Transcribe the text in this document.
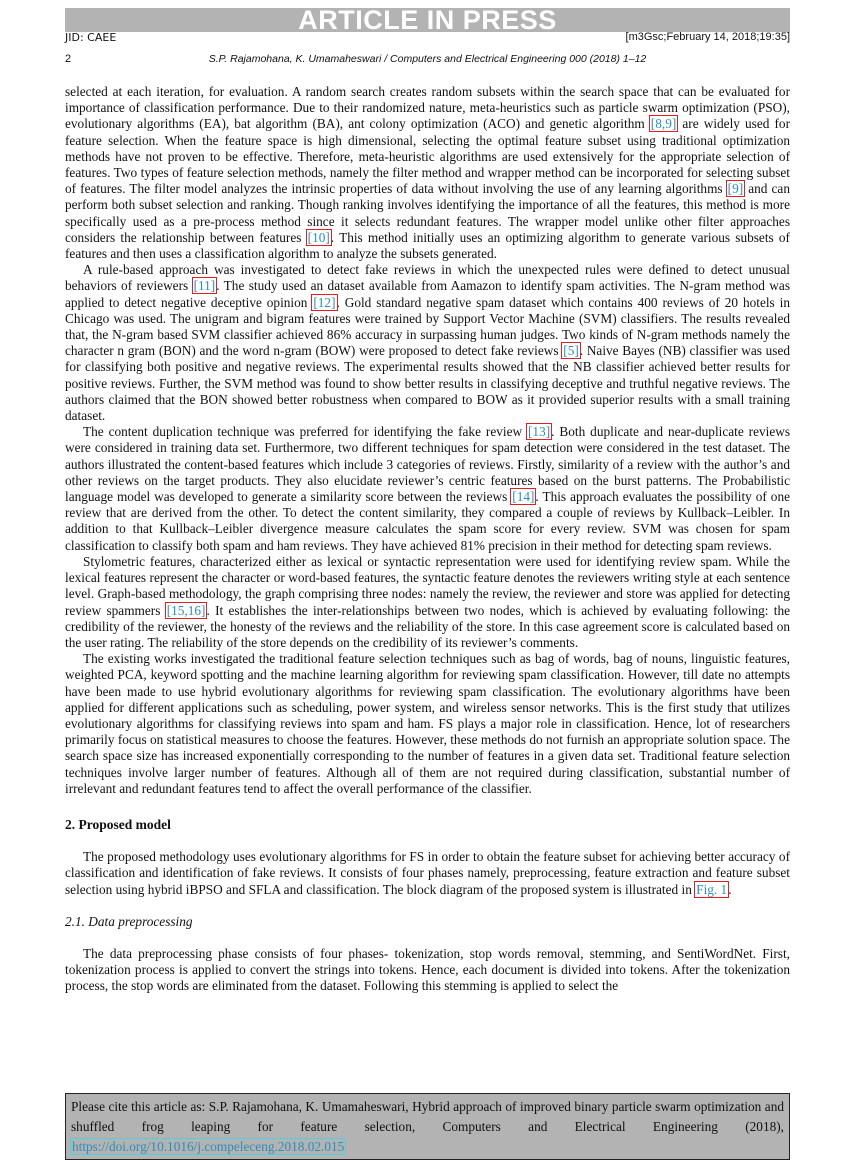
ARTICLE IN PRESS
JID: CAEE	[m3Gsc;February 14, 2018;19:35]
2	S.P. Rajamohana, K. Umamaheswari / Computers and Electrical Engineering 000 (2018) 1–12

selected at each iteration, for evaluation. A random search creates random subsets within the search space that can be evaluated for importance of classification performance. Due to their randomized nature, meta-heuristics such as particle swarm optimization (PSO), evolutionary algorithms (EA), bat algorithm (BA), ant colony optimization (ACO) and genetic algorithm [8,9] are widely used for feature selection. When the feature space is high dimensional, selecting the optimal feature subset using traditional optimization methods have not proven to be effective. Therefore, meta-heuristic algorithms are used extensively for the appropriate selection of features. Two types of feature selection methods, namely the filter method and wrapper method can be incorporated for selecting subset of features. The filter model analyzes the intrinsic properties of data without involving the use of any learning algorithms [9] and can perform both subset selection and ranking. Though ranking involves identifying the importance of all the features, this method is more specifically used as a pre-process method since it selects redundant features. The wrapper model unlike other filter approaches considers the relationship between features [10]. This method initially uses an optimizing algorithm to generate various subsets of features and then uses a classification algorithm to analyze the subsets generated.

A rule-based approach was investigated to detect fake reviews in which the unexpected rules were defined to detect unusual behaviors of reviewers [11]. The study used an dataset available from Aamazon to identify spam activities. The N-gram method was applied to detect negative deceptive opinion [12]. Gold standard negative spam dataset which contains 400 reviews of 20 hotels in Chicago was used. The unigram and bigram features were trained by Support Vector Machine (SVM) classifiers. The results revealed that, the N-gram based SVM classifier achieved 86% accuracy in surpassing human judges. Two kinds of N-gram methods namely the character n gram (BON) and the word n-gram (BOW) were proposed to detect fake reviews [5]. Naive Bayes (NB) classifier was used for classifying both positive and negative reviews. The experimental results showed that the NB classifier achieved better results for positive reviews. Further, the SVM method was found to show better results in classifying deceptive and truthful negative reviews. The authors claimed that the BON showed better robustness when compared to BOW as it provided superior results with a small training dataset.

The content duplication technique was preferred for identifying the fake review [13]. Both duplicate and near-duplicate reviews were considered in training data set. Furthermore, two different techniques for spam detection were considered in the test dataset. The authors illustrated the content-based features which include 3 categories of reviews. Firstly, similarity of a review with the author’s and other reviews on the target products. They also elucidate reviewer’s centric features based on the burst patterns. The Probabilistic language model was developed to generate a similarity score between the reviews [14]. This approach evaluates the possibility of one review that are derived from the other. To detect the content similarity, they compared a couple of reviews by Kullback–Leibler. In addition to that Kullback–Leibler divergence measure calculates the spam score for every review. SVM was chosen for spam classification to classify both spam and ham reviews. They have achieved 81% precision in their method for detecting spam reviews.

Stylometric features, characterized either as lexical or syntactic representation were used for identifying review spam. While the lexical features represent the character or word-based features, the syntactic feature denotes the reviewers writing style at each sentence level. Graph-based methodology, the graph comprising three nodes: namely the review, the reviewer and store was applied for detecting review spammers [15,16]. It establishes the inter-relationships between two nodes, which is achieved by evaluating following: the credibility of the reviewer, the honesty of the reviews and the reliability of the store. In this case agreement score is calculated based on the user rating. The reliability of the store depends on the credibility of its reviewer’s comments.

The existing works investigated the traditional feature selection techniques such as bag of words, bag of nouns, linguistic features, weighted PCA, keyword spotting and the machine learning algorithm for reviewing spam classification. However, till date no attempts have been made to use hybrid evolutionary algorithms for reviewing spam classification. The evolutionary algorithms have been applied for different applications such as scheduling, power system, and wireless sensor networks. This is the first study that utilizes evolutionary algorithms for classifying reviews into spam and ham. FS plays a major role in classification. Hence, lot of researchers primarily focus on statistical measures to choose the features. However, these methods do not furnish an appropriate solution space. The search space size has increased exponentially corresponding to the number of features in a given data set. Traditional feature selection techniques involve larger number of features. Although all of them are not required during classification, substantial number of irrelevant and redundant features tend to affect the overall performance of the classifier.

2. Proposed model

The proposed methodology uses evolutionary algorithms for FS in order to obtain the feature subset for achieving better accuracy of classification and identification of fake reviews. It consists of four phases namely, preprocessing, feature extraction and feature subset selection using hybrid iBPSO and SFLA and classification. The block diagram of the proposed system is illustrated in Fig. 1.

2.1. Data preprocessing

The data preprocessing phase consists of four phases- tokenization, stop words removal, stemming, and SentiWordNet. First, tokenization process is applied to convert the strings into tokens. Hence, each document is divided into tokens. After the tokenization process, the stop words are eliminated from the dataset. Following this stemming is applied to select the

Please cite this article as: S.P. Rajamohana, K. Umamaheswari, Hybrid approach of improved binary particle swarm optimization and shuffled frog leaping for feature selection, Computers and Electrical Engineering (2018), https://doi.org/10.1016/j.compeleceng.2018.02.015
